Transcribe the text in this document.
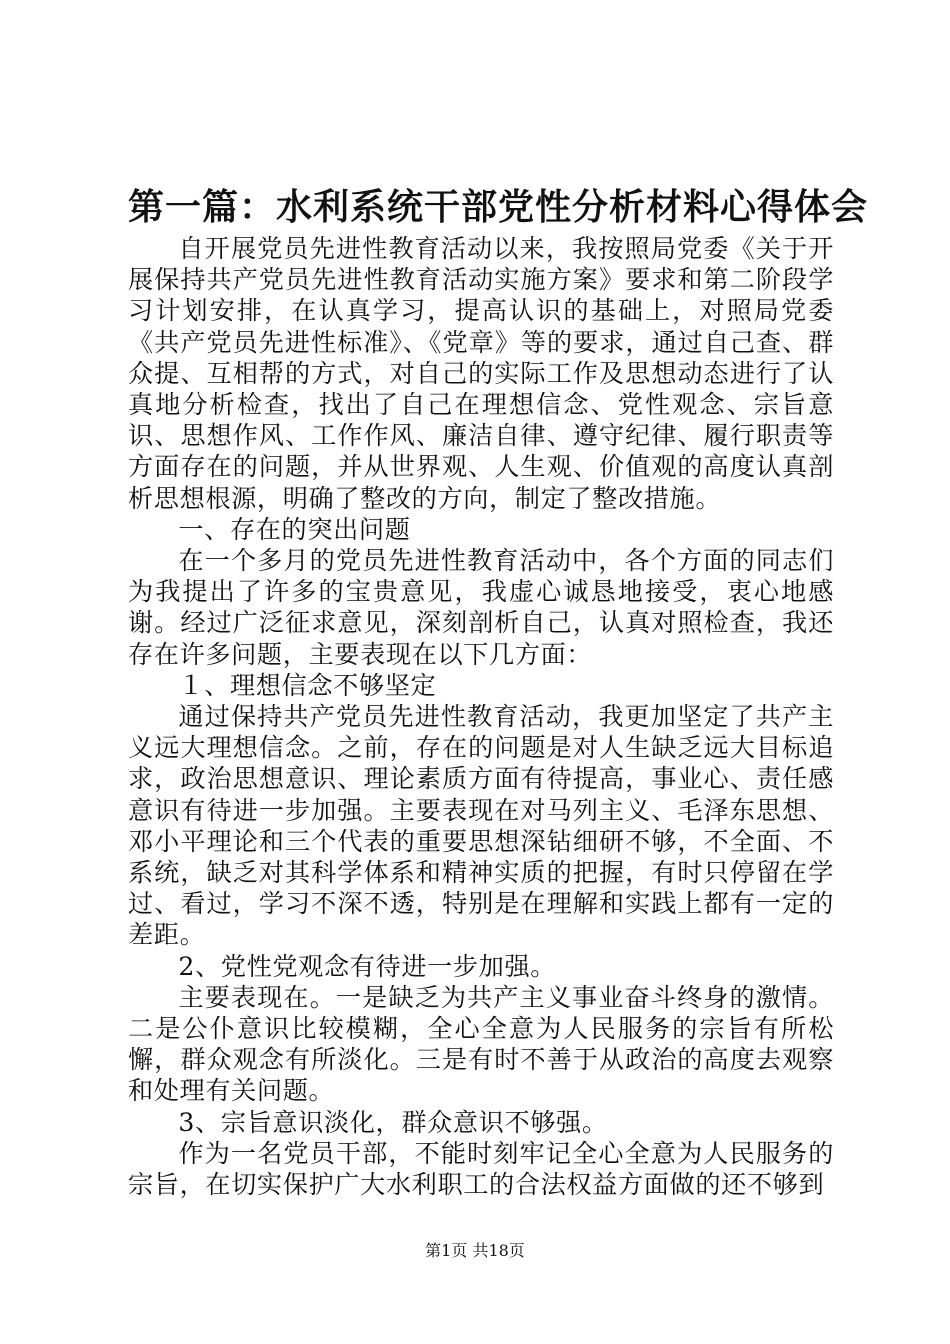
第一篇：水利系统干部党性分析材料心得体会

自开展党员先进性教育活动以来，我按照局党委《关于开展保持共产党员先进性教育活动实施方案》要求和第二阶段学习计划安排，在认真学习，提高认识的基础上，对照局党委《共产党员先进性标准》、《党章》等的要求，通过自己查、群众提、互相帮的方式，对自己的实际工作及思想动态进行了认真地分析检查，找出了自己在理想信念、党性观念、宗旨意识、思想作风、工作作风、廉洁自律、遵守纪律、履行职责等方面存在的问题，并从世界观、人生观、价值观的高度认真剖析思想根源，明确了整改的方向，制定了整改措施。

一、存在的突出问题

在一个多月的党员先进性教育活动中，各个方面的同志们为我提出了许多的宝贵意见，我虚心诚恳地接受，衷心地感谢。经过广泛征求意见，深刻剖析自己，认真对照检查，我还存在许多问题，主要表现在以下几方面：

１、理想信念不够坚定

通过保持共产党员先进性教育活动，我更加坚定了共产主义远大理想信念。之前，存在的问题是对人生缺乏远大目标追求，政治思想意识、理论素质方面有待提高，事业心、责任感意识有待进一步加强。主要表现在对马列主义、毛泽东思想、邓小平理论和三个代表的重要思想深钻细研不够，不全面、不系统，缺乏对其科学体系和精神实质的把握，有时只停留在学过、看过，学习不深不透，特别是在理解和实践上都有一定的差距。

2、党性党观念有待进一步加强。

主要表现在。一是缺乏为共产主义事业奋斗终身的激情。二是公仆意识比较模糊，全心全意为人民服务的宗旨有所松懈，群众观念有所淡化。三是有时不善于从政治的高度去观察和处理有关问题。

3、宗旨意识淡化，群众意识不够强。

作为一名党员干部，不能时刻牢记全心全意为人民服务的宗旨，在切实保护广大水利职工的合法权益方面做的还不够到

第1页 共18页
